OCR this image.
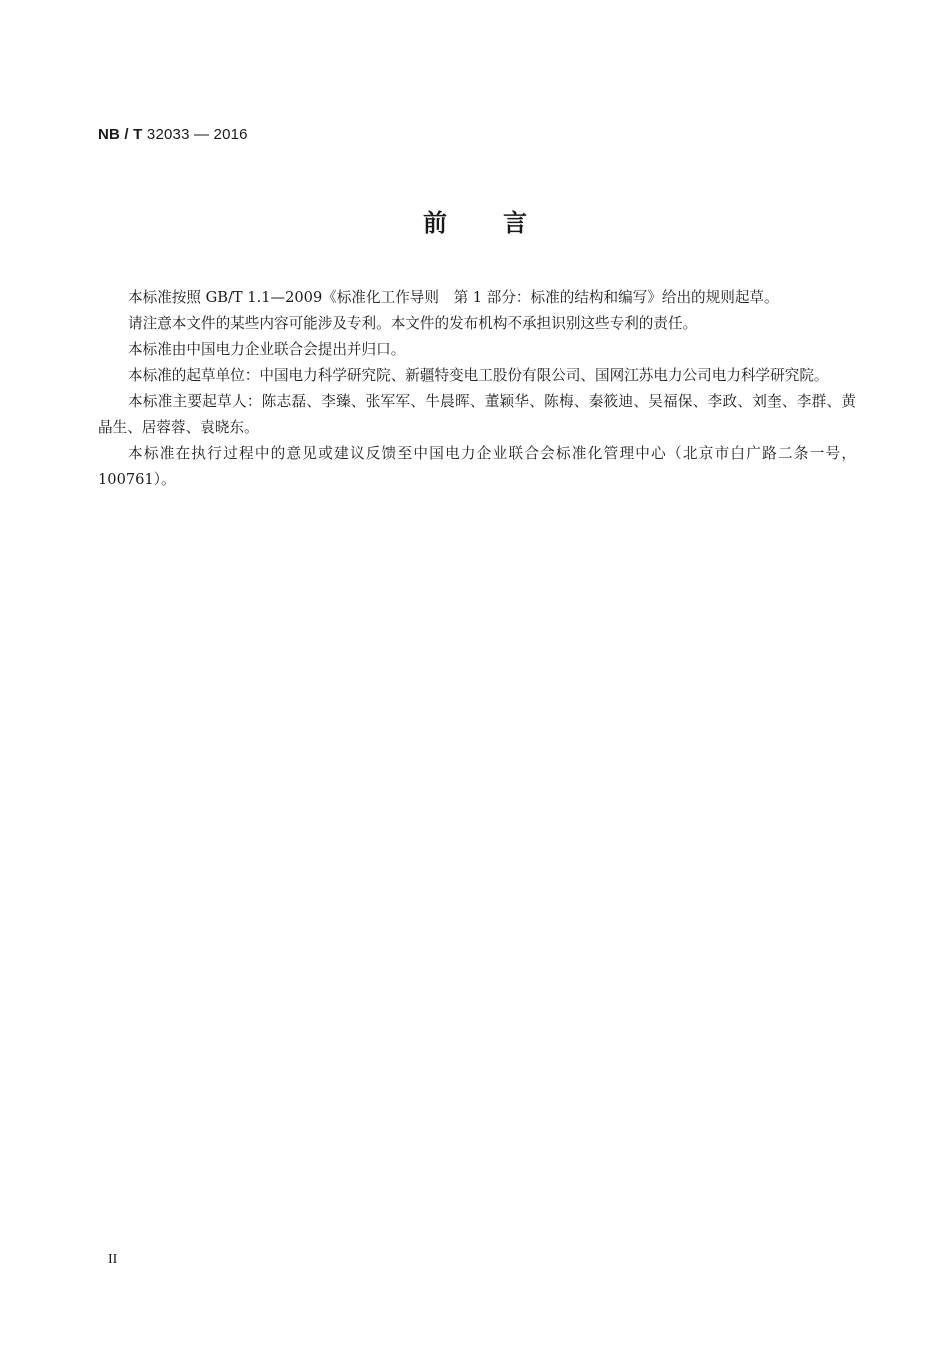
NB / T 32033 — 2016
前言

本标准按照 GB/T 1.1—2009《标准化工作导则　第 1 部分：标准的结构和编写》给出的规则起草。

请注意本文件的某些内容可能涉及专利。本文件的发布机构不承担识别这些专利的责任。

本标准由中国电力企业联合会提出并归口。

本标准的起草单位：中国电力科学研究院、新疆特变电工股份有限公司、国网江苏电力公司电力科学研究院。

本标准主要起草人：陈志磊、李臻、张军军、牛晨晖、董颖华、陈梅、秦筱迪、吴福保、李政、刘奎、李群、黄晶生、居蓉蓉、袁晓东。

本标准在执行过程中的意见或建议反馈至中国电力企业联合会标准化管理中心（北京市白广路二条一号，100761）。

II
